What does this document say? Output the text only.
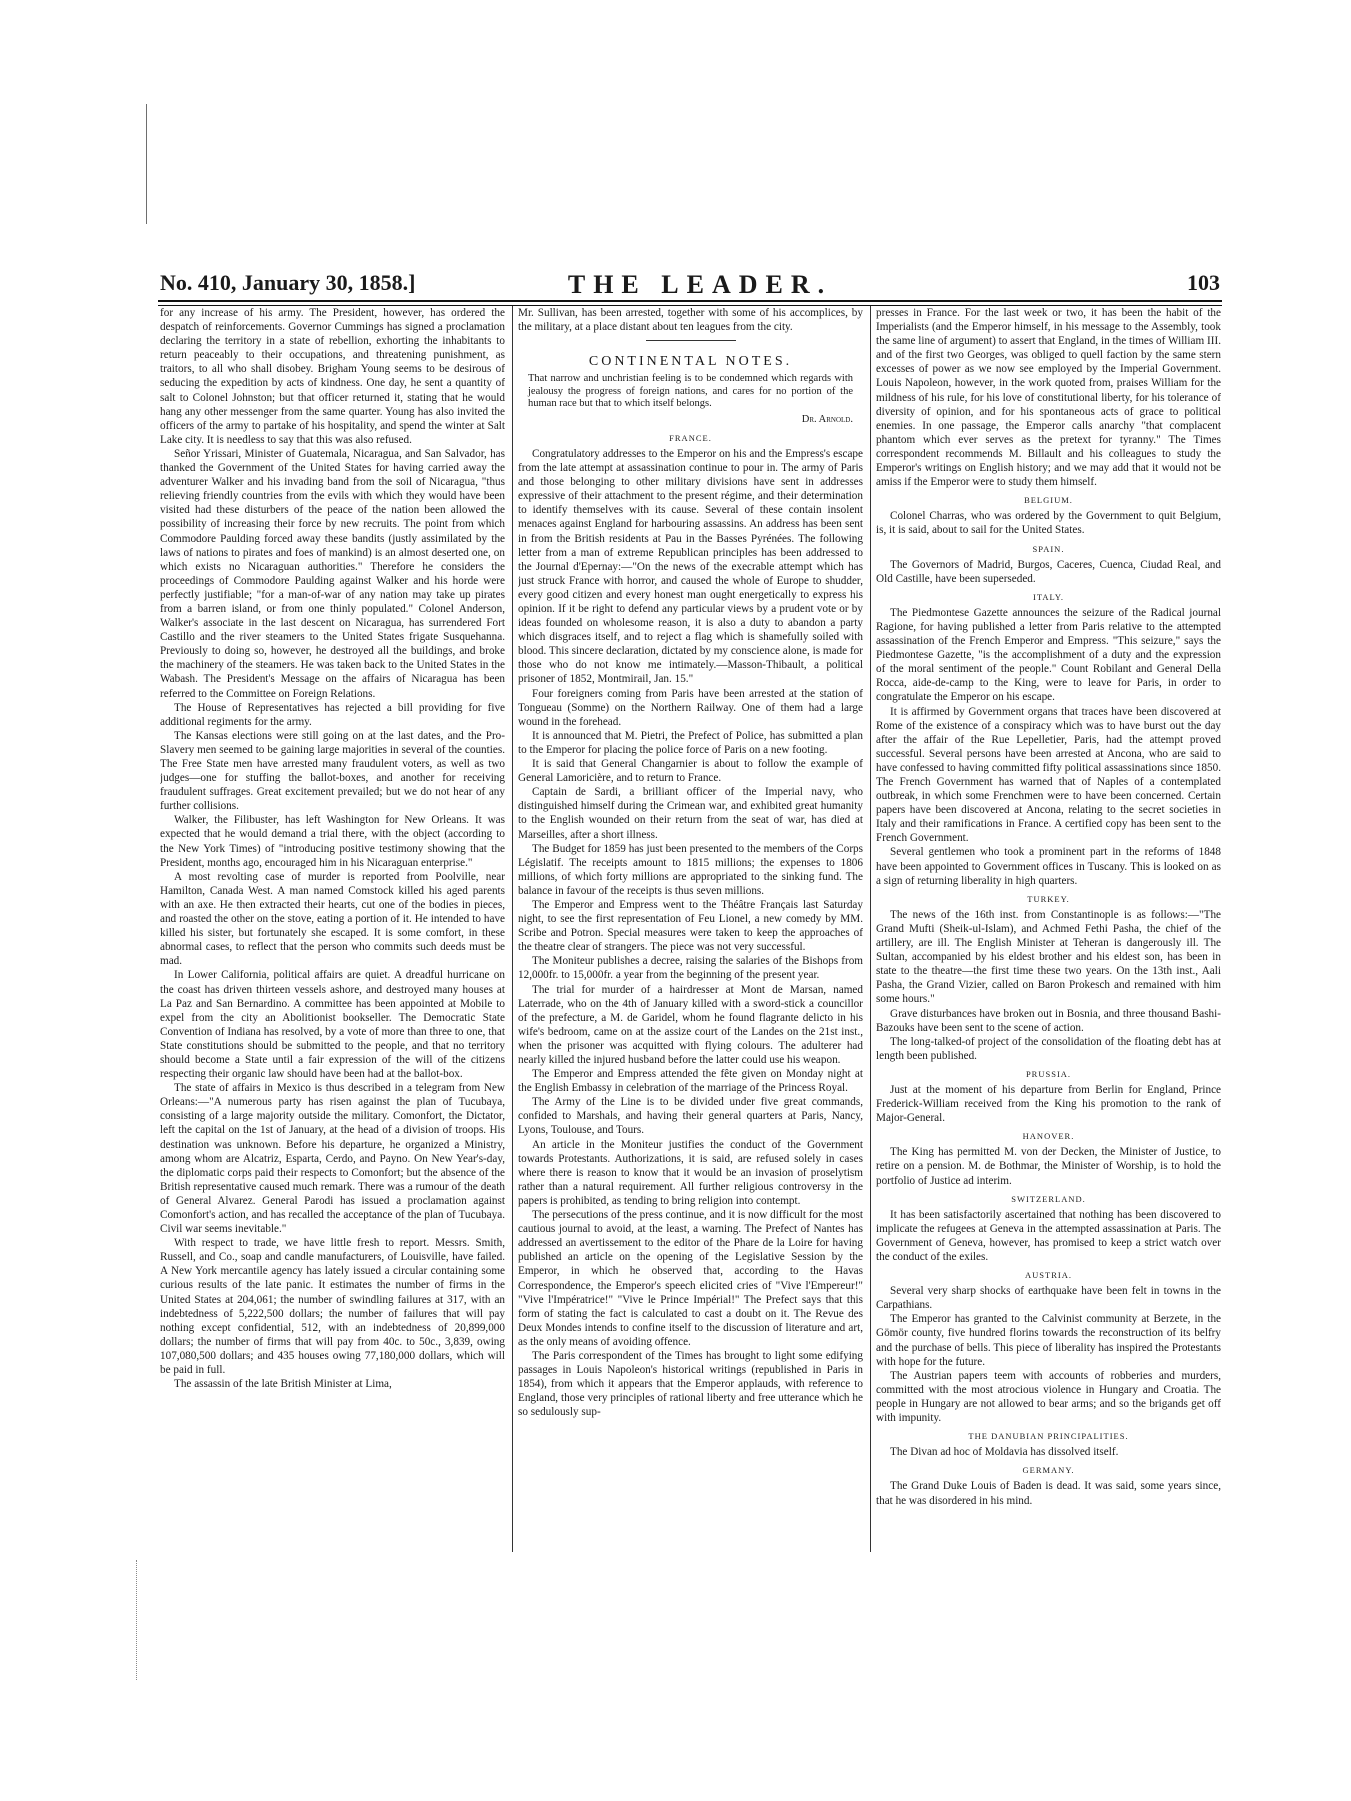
No. 410, January 30, 1858.]	THE LEADER.	103

for any increase of his army. The President, however, has ordered the despatch of reinforcements. Governor Cummings has signed a proclamation declaring the territory in a state of rebellion, exhorting the inhabitants to return peaceably to their occupations, and threatening punishment, as traitors, to all who shall disobey. Brigham Young seems to be desirous of seducing the expedition by acts of kindness. One day, he sent a quantity of salt to Colonel Johnston; but that officer returned it, stating that he would hang any other messenger from the same quarter. Young has also invited the officers of the army to partake of his hospitality, and spend the winter at Salt Lake city. It is needless to say that this was also refused.

Señor Yrissari, Minister of Guatemala, Nicaragua, and San Salvador, has thanked the Government of the United States for having carried away the adventurer Walker and his invading band from the soil of Nicaragua, "thus relieving friendly countries from the evils with which they would have been visited had these disturbers of the peace of the nation been allowed the possibility of increasing their force by new recruits. The point from which Commodore Paulding forced away these bandits (justly assimilated by the laws of nations to pirates and foes of mankind) is an almost deserted one, on which exists no Nicaraguan authorities." Therefore he considers the proceedings of Commodore Paulding against Walker and his horde were perfectly justifiable; "for a man-of-war of any nation may take up pirates from a barren island, or from one thinly populated." Colonel Anderson, Walker's associate in the last descent on Nicaragua, has surrendered Fort Castillo and the river steamers to the United States frigate Susquehanna. Previously to doing so, however, he destroyed all the buildings, and broke the machinery of the steamers. He was taken back to the United States in the Wabash. The President's Message on the affairs of Nicaragua has been referred to the Committee on Foreign Relations.

The House of Representatives has rejected a bill providing for five additional regiments for the army.

The Kansas elections were still going on at the last dates, and the Pro-Slavery men seemed to be gaining large majorities in several of the counties. The Free State men have arrested many fraudulent voters, as well as two judges—one for stuffing the ballot-boxes, and another for receiving fraudulent suffrages. Great excitement prevailed; but we do not hear of any further collisions.

Walker, the Filibuster, has left Washington for New Orleans. It was expected that he would demand a trial there, with the object (according to the New York Times) of "introducing positive testimony showing that the President, months ago, encouraged him in his Nicaraguan enterprise."

A most revolting case of murder is reported from Poolville, near Hamilton, Canada West. A man named Comstock killed his aged parents with an axe. He then extracted their hearts, cut one of the bodies in pieces, and roasted the other on the stove, eating a portion of it. He intended to have killed his sister, but fortunately she escaped. It is some comfort, in these abnormal cases, to reflect that the person who commits such deeds must be mad.

In Lower California, political affairs are quiet. A dreadful hurricane on the coast has driven thirteen vessels ashore, and destroyed many houses at La Paz and San Bernardino. A committee has been appointed at Mobile to expel from the city an Abolitionist bookseller. The Democratic State Convention of Indiana has resolved, by a vote of more than three to one, that State constitutions should be submitted to the people, and that no territory should become a State until a fair expression of the will of the citizens respecting their organic law should have been had at the ballot-box.

The state of affairs in Mexico is thus described in a telegram from New Orleans:—"A numerous party has risen against the plan of Tucubaya, consisting of a large majority outside the military. Comonfort, the Dictator, left the capital on the 1st of January, at the head of a division of troops. His destination was unknown. Before his departure, he organized a Ministry, among whom are Alcatriz, Esparta, Cerdo, and Payno. On New Year's-day, the diplomatic corps paid their respects to Comonfort; but the absence of the British representative caused much remark. There was a rumour of the death of General Alvarez. General Parodi has issued a proclamation against Comonfort's action, and has recalled the acceptance of the plan of Tucubaya. Civil war seems inevitable."

With respect to trade, we have little fresh to report. Messrs. Smith, Russell, and Co., soap and candle manufacturers, of Louisville, have failed. A New York mercantile agency has lately issued a circular containing some curious results of the late panic. It estimates the number of firms in the United States at 204,061; the number of swindling failures at 317, with an indebtedness of 5,222,500 dollars; the number of failures that will pay nothing except confidential, 512, with an indebtedness of 20,899,000 dollars; the number of firms that will pay from 40c. to 50c., 3,839, owing 107,080,500 dollars; and 435 houses owing 77,180,000 dollars, which will be paid in full.

The assassin of the late British Minister at Lima,

Mr. Sullivan, has been arrested, together with some of his accomplices, by the military, at a place distant about ten leagues from the city.

CONTINENTAL NOTES.
That narrow and unchristian feeling is to be condemned which regards with jealousy the progress of foreign nations, and cares for no portion of the human race but that to which itself belongs.
Dr. Arnold.
FRANCE.

Congratulatory addresses to the Emperor on his and the Empress's escape from the late attempt at assassination continue to pour in. The army of Paris and those belonging to other military divisions have sent in addresses expressive of their attachment to the present régime, and their determination to identify themselves with its cause. Several of these contain insolent menaces against England for harbouring assassins. An address has been sent in from the British residents at Pau in the Basses Pyrénées. The following letter from a man of extreme Republican principles has been addressed to the Journal d'Epernay:—"On the news of the execrable attempt which has just struck France with horror, and caused the whole of Europe to shudder, every good citizen and every honest man ought energetically to express his opinion. If it be right to defend any particular views by a prudent vote or by ideas founded on wholesome reason, it is also a duty to abandon a party which disgraces itself, and to reject a flag which is shamefully soiled with blood. This sincere declaration, dictated by my conscience alone, is made for those who do not know me intimately.—Masson-Thibault, a political prisoner of 1852, Montmirail, Jan. 15."

Four foreigners coming from Paris have been arrested at the station of Tongueau (Somme) on the Northern Railway. One of them had a large wound in the forehead.

It is announced that M. Pietri, the Prefect of Police, has submitted a plan to the Emperor for placing the police force of Paris on a new footing.

It is said that General Changarnier is about to follow the example of General Lamoricière, and to return to France.

Captain de Sardi, a brilliant officer of the Imperial navy, who distinguished himself during the Crimean war, and exhibited great humanity to the English wounded on their return from the seat of war, has died at Marseilles, after a short illness.

The Budget for 1859 has just been presented to the members of the Corps Législatif. The receipts amount to 1815 millions; the expenses to 1806 millions, of which forty millions are appropriated to the sinking fund. The balance in favour of the receipts is thus seven millions.

The Emperor and Empress went to the Théâtre Français last Saturday night, to see the first representation of Feu Lionel, a new comedy by MM. Scribe and Potron. Special measures were taken to keep the approaches of the theatre clear of strangers. The piece was not very successful.

The Moniteur publishes a decree, raising the salaries of the Bishops from 12,000fr. to 15,000fr. a year from the beginning of the present year.

The trial for murder of a hairdresser at Mont de Marsan, named Laterrade, who on the 4th of January killed with a sword-stick a councillor of the prefecture, a M. de Garidel, whom he found flagrante delicto in his wife's bedroom, came on at the assize court of the Landes on the 21st inst., when the prisoner was acquitted with flying colours. The adulterer had nearly killed the injured husband before the latter could use his weapon.

The Emperor and Empress attended the fête given on Monday night at the English Embassy in celebration of the marriage of the Princess Royal.

The Army of the Line is to be divided under five great commands, confided to Marshals, and having their general quarters at Paris, Nancy, Lyons, Toulouse, and Tours.

An article in the Moniteur justifies the conduct of the Government towards Protestants. Authorizations, it is said, are refused solely in cases where there is reason to know that it would be an invasion of proselytism rather than a natural requirement. All further religious controversy in the papers is prohibited, as tending to bring religion into contempt.

The persecutions of the press continue, and it is now difficult for the most cautious journal to avoid, at the least, a warning. The Prefect of Nantes has addressed an avertissement to the editor of the Phare de la Loire for having published an article on the opening of the Legislative Session by the Emperor, in which he observed that, according to the Havas Correspondence, the Emperor's speech elicited cries of "Vive l'Empereur!" "Vive l'Impératrice!" "Vive le Prince Impérial!" The Prefect says that this form of stating the fact is calculated to cast a doubt on it. The Revue des Deux Mondes intends to confine itself to the discussion of literature and art, as the only means of avoiding offence.

The Paris correspondent of the Times has brought to light some edifying passages in Louis Napoleon's historical writings (republished in Paris in 1854), from which it appears that the Emperor applauds, with reference to England, those very principles of rational liberty and free utterance which he so sedulously sup-

presses in France. For the last week or two, it has been the habit of the Imperialists (and the Emperor himself, in his message to the Assembly, took the same line of argument) to assert that England, in the times of William III. and of the first two Georges, was obliged to quell faction by the same stern excesses of power as we now see employed by the Imperial Government. Louis Napoleon, however, in the work quoted from, praises William for the mildness of his rule, for his love of constitutional liberty, for his tolerance of diversity of opinion, and for his spontaneous acts of grace to political enemies. In one passage, the Emperor calls anarchy "that complacent phantom which ever serves as the pretext for tyranny." The Times correspondent recommends M. Billault and his colleagues to study the Emperor's writings on English history; and we may add that it would not be amiss if the Emperor were to study them himself.

BELGIUM.

Colonel Charras, who was ordered by the Government to quit Belgium, is, it is said, about to sail for the United States.

SPAIN.

The Governors of Madrid, Burgos, Caceres, Cuenca, Ciudad Real, and Old Castille, have been superseded.

ITALY.

The Piedmontese Gazette announces the seizure of the Radical journal Ragione, for having published a letter from Paris relative to the attempted assassination of the French Emperor and Empress. "This seizure," says the Piedmontese Gazette, "is the accomplishment of a duty and the expression of the moral sentiment of the people." Count Robilant and General Della Rocca, aide-de-camp to the King, were to leave for Paris, in order to congratulate the Emperor on his escape.

It is affirmed by Government organs that traces have been discovered at Rome of the existence of a conspiracy which was to have burst out the day after the affair of the Rue Lepelletier, Paris, had the attempt proved successful. Several persons have been arrested at Ancona, who are said to have confessed to having committed fifty political assassinations since 1850. The French Government has warned that of Naples of a contemplated outbreak, in which some Frenchmen were to have been concerned. Certain papers have been discovered at Ancona, relating to the secret societies in Italy and their ramifications in France. A certified copy has been sent to the French Government.

Several gentlemen who took a prominent part in the reforms of 1848 have been appointed to Government offices in Tuscany. This is looked on as a sign of returning liberality in high quarters.

TURKEY.

The news of the 16th inst. from Constantinople is as follows:—"The Grand Mufti (Sheik-ul-Islam), and Achmed Fethi Pasha, the chief of the artillery, are ill. The English Minister at Teheran is dangerously ill. The Sultan, accompanied by his eldest brother and his eldest son, has been in state to the theatre—the first time these two years. On the 13th inst., Aali Pasha, the Grand Vizier, called on Baron Prokesch and remained with him some hours."

Grave disturbances have broken out in Bosnia, and three thousand Bashi-Bazouks have been sent to the scene of action.

The long-talked-of project of the consolidation of the floating debt has at length been published.

PRUSSIA.

Just at the moment of his departure from Berlin for England, Prince Frederick-William received from the King his promotion to the rank of Major-General.

HANOVER.

The King has permitted M. von der Decken, the Minister of Justice, to retire on a pension. M. de Bothmar, the Minister of Worship, is to hold the portfolio of Justice ad interim.

SWITZERLAND.

It has been satisfactorily ascertained that nothing has been discovered to implicate the refugees at Geneva in the attempted assassination at Paris. The Government of Geneva, however, has promised to keep a strict watch over the conduct of the exiles.

AUSTRIA.

Several very sharp shocks of earthquake have been felt in towns in the Carpathians.

The Emperor has granted to the Calvinist community at Berzete, in the Gömör county, five hundred florins towards the reconstruction of its belfry and the purchase of bells. This piece of liberality has inspired the Protestants with hope for the future.

The Austrian papers teem with accounts of robberies and murders, committed with the most atrocious violence in Hungary and Croatia. The people in Hungary are not allowed to bear arms; and so the brigands get off with impunity.

THE DANUBIAN PRINCIPALITIES.

The Divan ad hoc of Moldavia has dissolved itself.

GERMANY.

The Grand Duke Louis of Baden is dead. It was said, some years since, that he was disordered in his mind.
